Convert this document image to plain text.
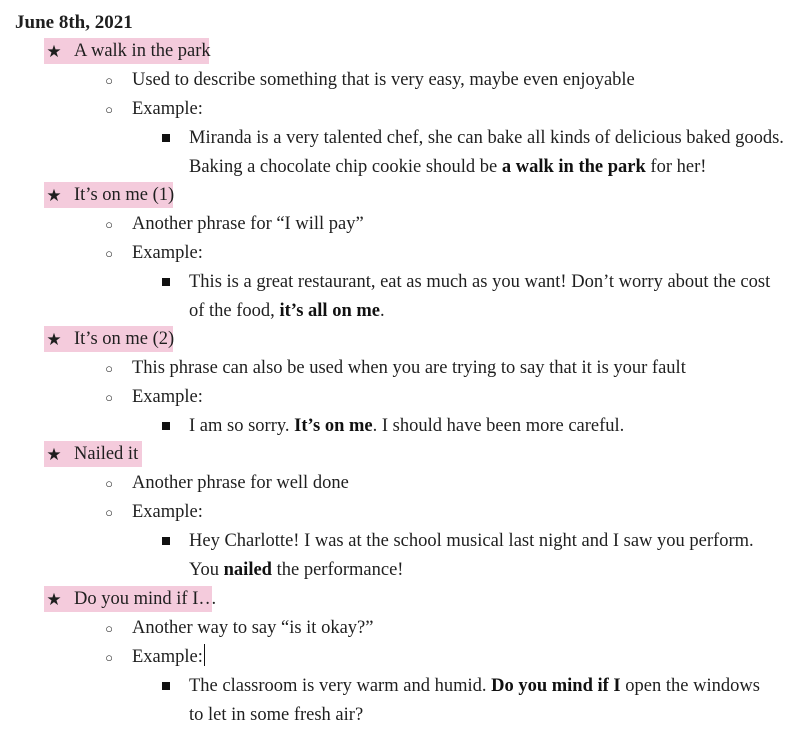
June 8th, 2021
★ A walk in the park
○ Used to describe something that is very easy, maybe even enjoyable
○ Example:
Miranda is a very talented chef, she can bake all kinds of delicious baked goods.
Baking a chocolate chip cookie should be a walk in the park for her!
★ It’s on me (1)
○ Another phrase for “I will pay”
○ Example:
This is a great restaurant, eat as much as you want! Don’t worry about the cost
of the food, it’s all on me.
★ It’s on me (2)
○ This phrase can also be used when you are trying to say that it is your fault
○ Example:
I am so sorry. It’s on me. I should have been more careful.
★ Nailed it
○ Another phrase for well done
○ Example:
Hey Charlotte! I was at the school musical last night and I saw you perform.
You nailed the performance!
★ Do you mind if I…
○ Another way to say “is it okay?”
○ Example:
The classroom is very warm and humid. Do you mind if I open the windows
to let in some fresh air?
